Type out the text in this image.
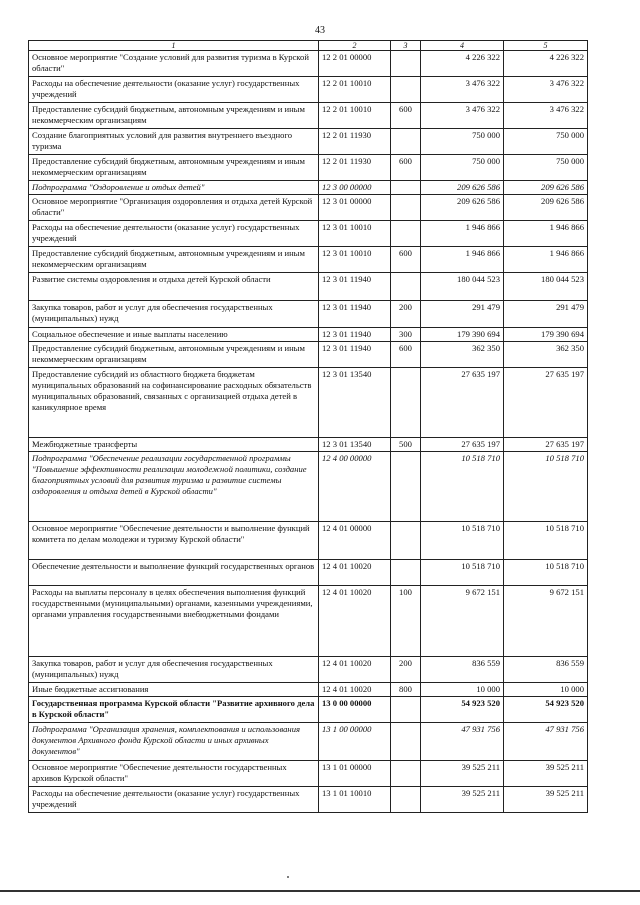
43
1	2	3	4	5
Основное мероприятие "Создание условий для развития туризма в Курской области"	12 2 01 00000		4 226 322	4 226 322
Расходы на обеспечение деятельности (оказание услуг) государственных учреждений	12 2 01 10010		3 476 322	3 476 322
Предоставление субсидий бюджетным, автономным учреждениям и иным некоммерческим организациям	12 2 01 10010	600	3 476 322	3 476 322
Создание благоприятных условий для развития внутреннего въездного туризма	12 2 01 11930		750 000	750 000
Предоставление субсидий бюджетным, автономным учреждениям и иным некоммерческим организациям	12 2 01 11930	600	750 000	750 000
Подпрограмма "Оздоровление и отдых детей"	12 3 00 00000		209 626 586	209 626 586
Основное мероприятие "Организация оздоровления и отдыха детей Курской области"	12 3 01 00000		209 626 586	209 626 586
Расходы на обеспечение деятельности (оказание услуг) государственных учреждений	12 3 01 10010		1 946 866	1 946 866
Предоставление субсидий бюджетным, автономным учреждениям и иным некоммерческим организациям	12 3 01 10010	600	1 946 866	1 946 866
Развитие системы оздоровления и отдыха детей Курской области	12 3 01 11940		180 044 523	180 044 523
Закупка товаров, работ и услуг для обеспечения государственных (муниципальных) нужд	12 3 01 11940	200	291 479	291 479
Социальное обеспечение и иные выплаты населению	12 3 01 11940	300	179 390 694	179 390 694
Предоставление субсидий бюджетным, автономным учреждениям и иным некоммерческим организациям	12 3 01 11940	600	362 350	362 350
Предоставление субсидий из областного бюджета бюджетам муниципальных образований на софинансирование расходных обязательств муниципальных образований, связанных с организацией отдыха детей в каникулярное время	12 3 01 13540		27 635 197	27 635 197
Межбюджетные трансферты	12 3 01 13540	500	27 635 197	27 635 197
Подпрограмма "Обеспечение реализации государственной программы "Повышение эффективности реализации молодежной политики, создание благоприятных условий для развития туризма и развитие системы оздоровления и отдыха детей в Курской области"	12 4 00 00000		10 518 710	10 518 710
Основное мероприятие "Обеспечение деятельности и выполнение функций комитета по делам молодежи и туризму Курской области"	12 4 01 00000		10 518 710	10 518 710
Обеспечение деятельности и выполнение функций государственных органов	12 4 01 10020		10 518 710	10 518 710
Расходы на выплаты персоналу в целях обеспечения выполнения функций государственными (муниципальными) органами, казенными учреждениями, органами управления государственными внебюджетными фондами	12 4 01 10020	100	9 672 151	9 672 151
Закупка товаров, работ и услуг для обеспечения государственных (муниципальных) нужд	12 4 01 10020	200	836 559	836 559
Иные бюджетные ассигнования	12 4 01 10020	800	10 000	10 000
Государственная программа Курской области "Развитие архивного дела в Курской области"	13 0 00 00000		54 923 520	54 923 520
Подпрограмма "Организация хранения, комплектования и использования документов Архивного фонда Курской области и иных архивных документов"	13 1 00 00000		47 931 756	47 931 756
Основное мероприятие "Обеспечение деятельности государственных архивов Курской области"	13 1 01 00000		39 525 211	39 525 211
Расходы на обеспечение деятельности (оказание услуг) государственных учреждений	13 1 01 10010		39 525 211	39 525 211
